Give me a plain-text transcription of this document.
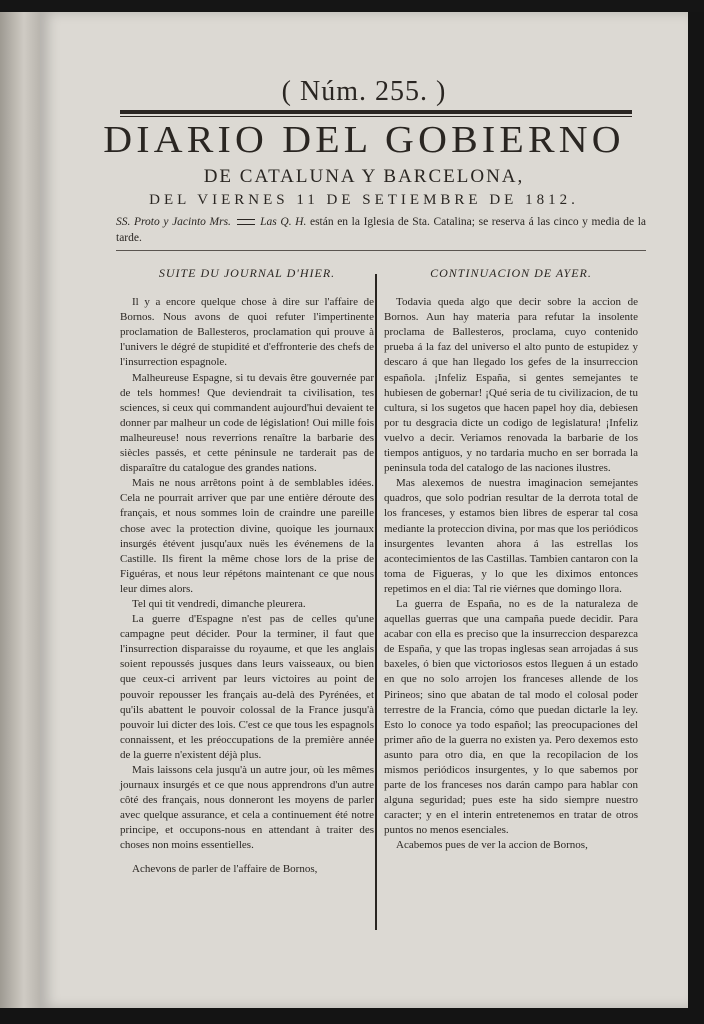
( Núm. 255. )
DIARIO DEL GOBIERNO
DE CATALUNA Y BARCELONA,
DEL VIERNES 11 DE SETIEMBRE DE 1812.
SS. Proto y Jacinto Mrs.	Las Q. H. están en la Iglesia de Sta. Catalina; se reserva á las cinco y media de la tarde.
SUITE DU JOURNAL D'HIER.

Il y a encore quelque chose à dire sur l'affaire de Bornos. Nous avons de quoi refuter l'impertinente proclamation de Ballesteros, proclamation qui prouve à l'univers le dégré de stupidité et d'effronterie des chefs de l'insurrection espagnole.

Malheureuse Espagne, si tu devais être gouvernée par de tels hommes! Que deviendrait ta civilisation, tes sciences, si ceux qui commandent aujourd'hui devaient te donner par malheur un code de législation! Oui mille fois malheureuse! nous reverrions renaître la barbarie des siècles passés, et cette péninsule ne tarderait pas de disparaître du catalogue des grandes nations.

Mais ne nous arrêtons point à de semblables idées. Cela ne pourrait arriver que par une entière déroute des français, et nous sommes loin de craindre une pareille chose avec la protection divine, quoique les journaux insurgés étévent jusqu'aux nuës les événemens de la Castille. Ils firent la même chose lors de la prise de Figuéras, et nous leur répétons maintenant ce que nous leur dimes alors.

Tel qui tit vendredi, dimanche pleurera.

La guerre d'Espagne n'est pas de celles qu'une campagne peut décider. Pour la terminer, il faut que l'insurrection disparaisse du royaume, et que les anglais soient repoussés jusques dans leurs vaisseaux, ou bien que ceux-ci arrivent par leurs victoires au point de pouvoir repousser les français au-delà des Pyrénées, et qu'ils abattent le pouvoir colossal de la France jusqu'à pouvoir lui dicter des lois. C'est ce que tous les espagnols connaissent, et les préoccupations de la première année de la guerre n'existent déjà plus.

Mais laissons cela jusqu'à un autre jour, où les mêmes journaux insurgés et ce que nous apprendrons d'un autre côté des français, nous donneront les moyens de parler avec quelque assurance, et cela a continuement été notre principe, et occupons-nous en attendant à traiter des choses non moins essentielles.

Achevons de parler de l'affaire de Bornos,

CONTINUACION DE AYER.

Todavia queda algo que decir sobre la accion de Bornos. Aun hay materia para refutar la insolente proclama de Ballesteros, proclama, cuyo contenido prueba á la faz del universo el alto punto de estupidez y descaro á que han llegado los gefes de la insurreccion española. ¡Infeliz España, si gentes semejantes te hubiesen de gobernar! ¡Qué seria de tu civilizacion, de tu cultura, si los sugetos que hacen papel hoy dia, debiesen por tu desgracia dicte un codigo de legislatura! ¡Infeliz vuelvo a decir. Veriamos renovada la barbarie de los tiempos antiguos, y no tardaria mucho en ser borrada la peninsula toda del catalogo de las naciones ilustres.

Mas alexemos de nuestra imaginacion semejantes quadros, que solo podrian resultar de la derrota total de los franceses, y estamos bien libres de esperar tal cosa mediante la proteccion divina, por mas que los periódicos insurgentes levanten ahora á las estrellas los acontecimientos de las Castillas. Tambien cantaron con la toma de Figueras, y lo que les diximos entonces repetimos en el dia: Tal rie viérnes que domingo llora.

La guerra de España, no es de la naturaleza de aquellas guerras que una campaña puede decidir. Para acabar con ella es preciso que la insurreccion desparezca de España, y que las tropas inglesas sean arrojadas á sus baxeles, ó bien que victoriosos estos lleguen á un estado en que no solo arrojen los franceses allende de los Pirineos; sino que abatan de tal modo el colosal poder terrestre de la Francia, cómo que puedan dictarle la ley. Esto lo conoce ya todo español; las preocupaciones del primer año de la guerra no existen ya. Pero dexemos esto asunto para otro dia, en que la recopilacion de los mismos periódicos insurgentes, y lo que sabemos por parte de los franceses nos darán campo para hablar con alguna seguridad; pues este ha sido siempre nuestro caracter; y en el interin entretenemos en tratar de otros puntos no menos esenciales.

Acabemos pues de ver la accion de Bornos,
